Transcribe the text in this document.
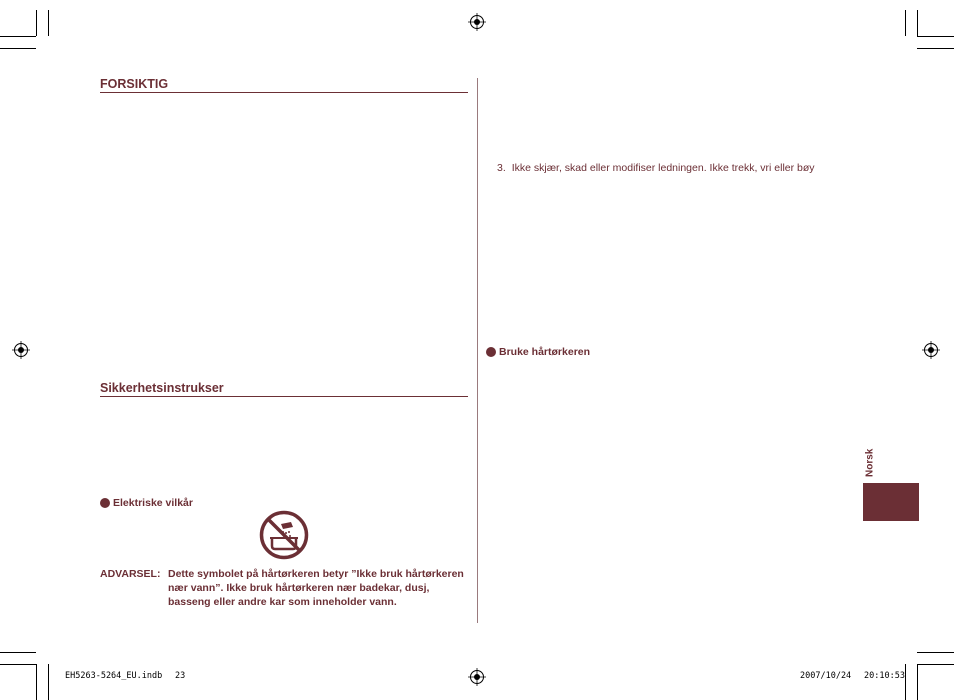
FORSIKTIG
Sikkerhetsinstrukser
Elektriske vilkår
ADVARSEL: Dette symbolet på hårtørkeren betyr ”Ikke bruk hårtørkeren nær vann”. Ikke bruk hårtørkeren nær badekar, dusj, basseng eller andre kar som inneholder vann.
3. Ikke skjær, skad eller modifiser ledningen. Ikke trekk, vri eller bøy
Bruke hårtørkeren
Norsk
EH5263-5264_EU.indb 23	2007/10/24 20:10:53
